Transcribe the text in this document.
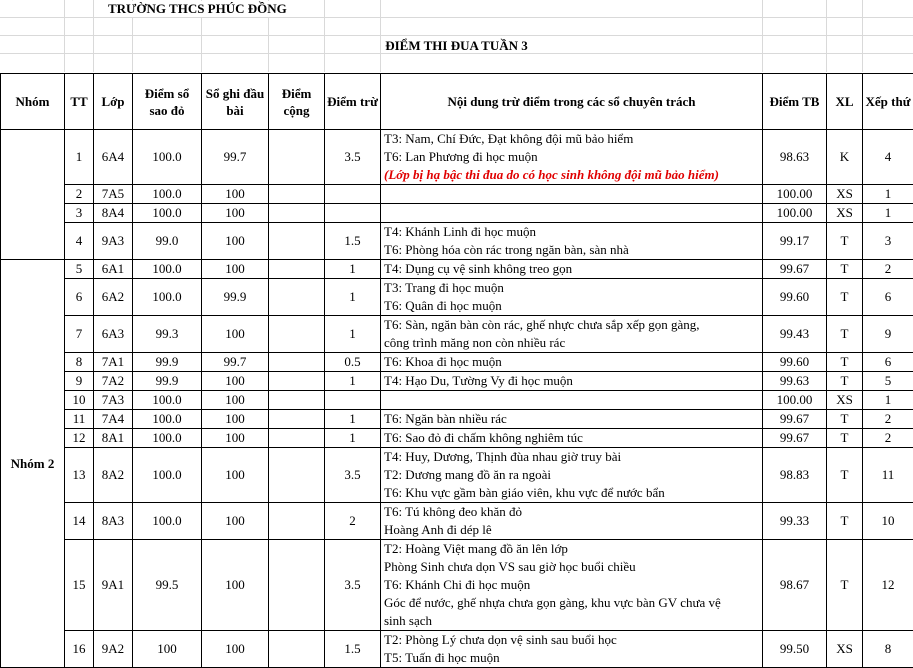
TRƯỜNG THCS PHÚC ĐỒNG
ĐIỂM THI ĐUA TUẦN 3
Nhóm	TT	Lớp	Điểm sổ sao đỏ	Sổ ghi đầu bài	Điểm cộng	Điểm trừ	Nội dung trừ điểm trong các sổ chuyên trách	Điểm TB	XL	Xếp thứ
	1	6A4	100.0	99.7		3.5	T3: Nam, Chí Đức, Đạt không đội mũ bảo hiểm
T6: Lan Phương đi học muộn
(Lớp bị hạ bậc thi đua do có học sinh không đội mũ bảo hiểm)	98.63	K	4
	2	7A5	100.0	100				100.00	XS	1
	3	8A4	100.0	100				100.00	XS	1
	4	9A3	99.0	100		1.5	T4: Khánh Linh đi học muộn
T6: Phòng hóa còn rác trong ngăn bàn, sàn nhà	99.17	T	3
Nhóm 2	5	6A1	100.0	100		1	T4: Dụng cụ vệ sinh không treo gọn	99.67	T	2
	6	6A2	100.0	99.9		1	T3: Trang đi học muộn
T6: Quân đi học muộn	99.60	T	6
	7	6A3	99.3	100		1	T6: Sàn, ngăn bàn còn rác, ghế nhực chưa sắp xếp gọn gàng,
công trình măng non còn nhiều rác	99.43	T	9
	8	7A1	99.9	99.7		0.5	T6: Khoa đi học muộn	99.60	T	6
	9	7A2	99.9	100		1	T4: Hạo Du, Tường Vy đi học muộn	99.63	T	5
	10	7A3	100.0	100				100.00	XS	1
	11	7A4	100.0	100		1	T6: Ngăn bàn nhiều rác	99.67	T	2
	12	8A1	100.0	100		1	T6: Sao đỏ đi chấm không nghiêm túc	99.67	T	2
	13	8A2	100.0	100		3.5	T4: Huy, Dương, Thịnh đùa nhau giờ truy bài
T2: Dương mang đồ ăn ra ngoài
T6: Khu vực gầm bàn giáo viên, khu vực để nước bẩn	98.83	T	11
	14	8A3	100.0	100		2	T6: Tú không đeo khăn đỏ
Hoàng Anh đi dép lê	99.33	T	10
	15	9A1	99.5	100		3.5	T2: Hoàng Việt mang đồ ăn lên lớp
Phòng Sinh chưa dọn VS sau giờ học buổi chiều
T6: Khánh Chi đi học muộn
Góc để nước, ghế nhựa chưa gọn gàng, khu vực bàn GV chưa vệ
sinh sạch	98.67	T	12
	16	9A2	100	100		1.5	T2: Phòng Lý chưa dọn vệ sinh sau buổi học
T5: Tuấn đi học muộn	99.50	XS	8
